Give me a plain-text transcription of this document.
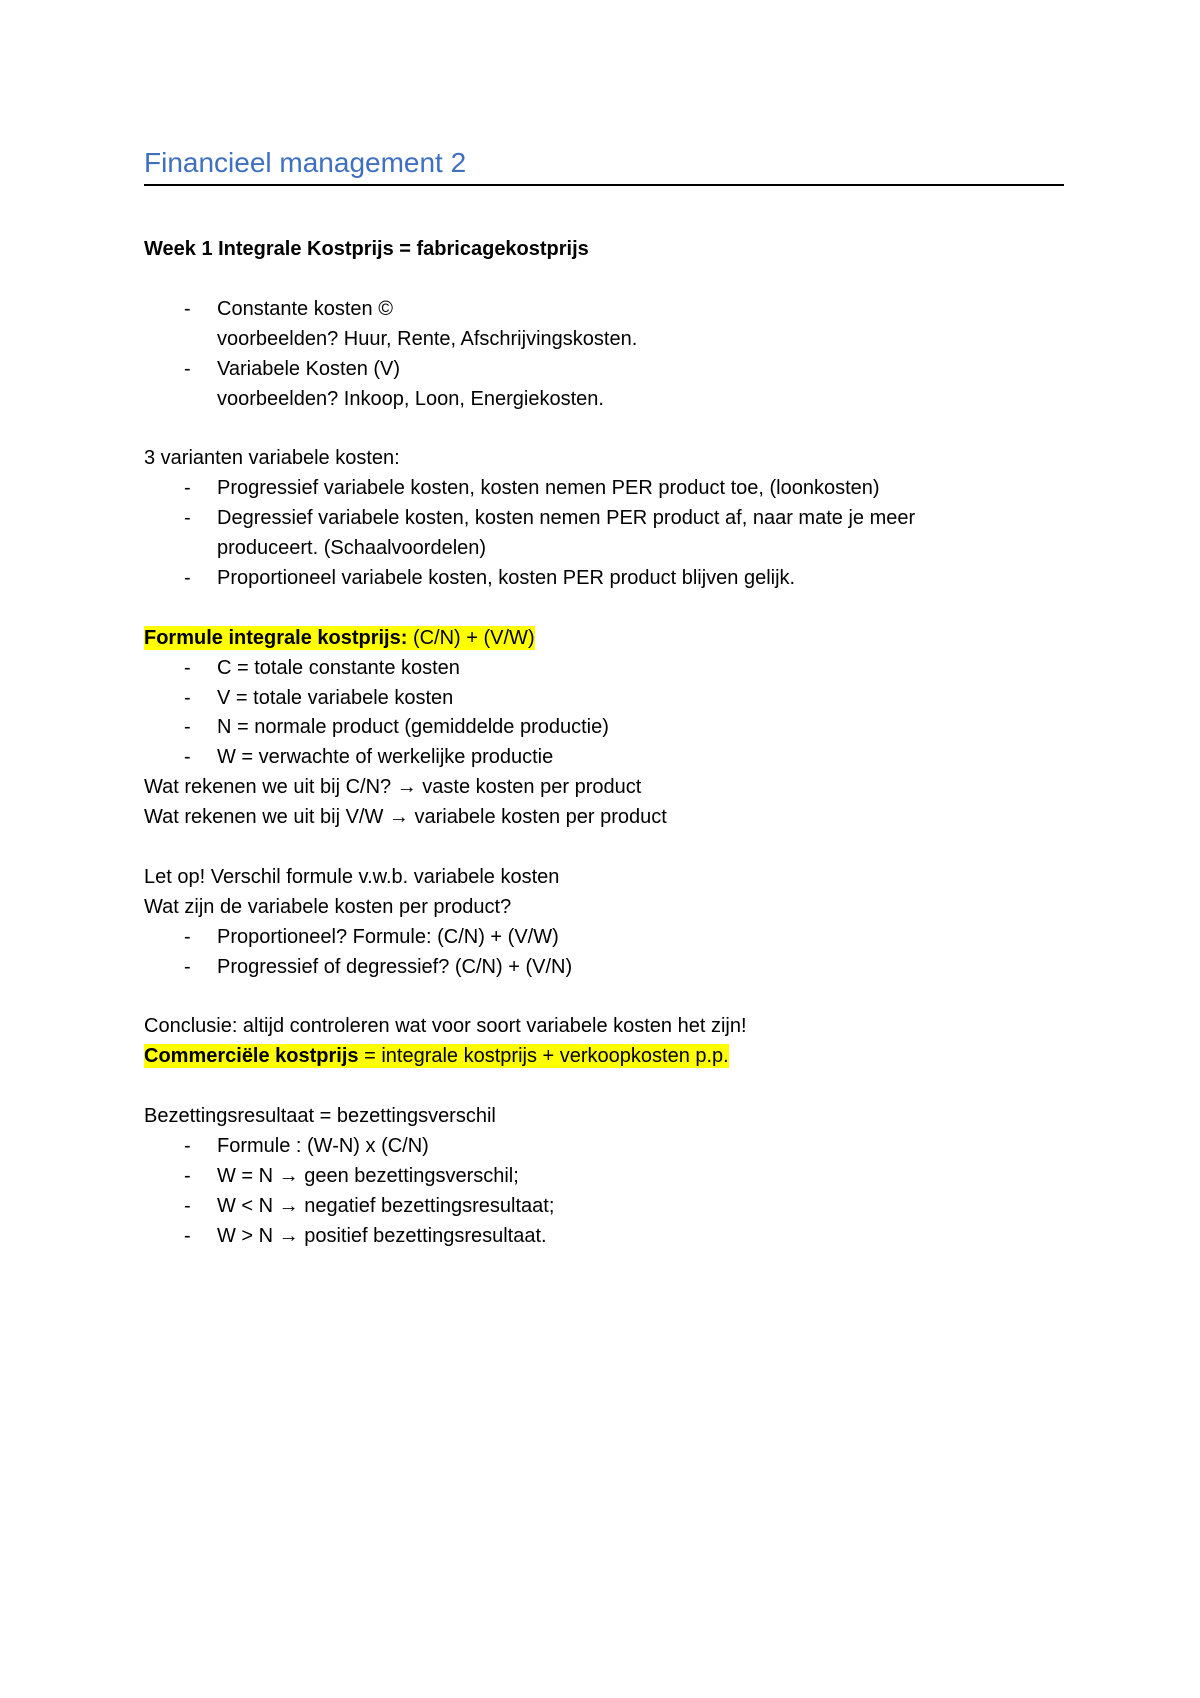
Financieel management 2

Week 1 Integrale Kostprijs = fabricagekostprijs

- Constante kosten ©
voorbeelden? Huur, Rente, Afschrijvingskosten.
- Variabele Kosten (V)
voorbeelden? Inkoop, Loon, Energiekosten.

3 varianten variabele kosten:

- Progressief variabele kosten, kosten nemen PER product toe, (loonkosten)
- Degressief variabele kosten, kosten nemen PER product af, naar mate je meer
produceert. (Schaalvoordelen)
- Proportioneel variabele kosten, kosten PER product blijven gelijk.

Formule integrale kostprijs: (C/N) + (V/W)

- C = totale constante kosten
- V = totale variabele kosten
- N = normale product (gemiddelde productie)
- W = verwachte of werkelijke productie

Wat rekenen we uit bij C/N? → vaste kosten per product

Wat rekenen we uit bij V/W → variabele kosten per product

Let op! Verschil formule v.w.b. variabele kosten

Wat zijn de variabele kosten per product?

- Proportioneel? Formule: (C/N) + (V/W)
- Progressief of degressief? (C/N) + (V/N)

Conclusie: altijd controleren wat voor soort variabele kosten het zijn!

Commerciële kostprijs = integrale kostprijs + verkoopkosten p.p.

Bezettingsresultaat = bezettingsverschil

- Formule : (W-N) x (C/N)
- W = N → geen bezettingsverschil;
- W < N → negatief bezettingsresultaat;
- W > N → positief bezettingsresultaat.
